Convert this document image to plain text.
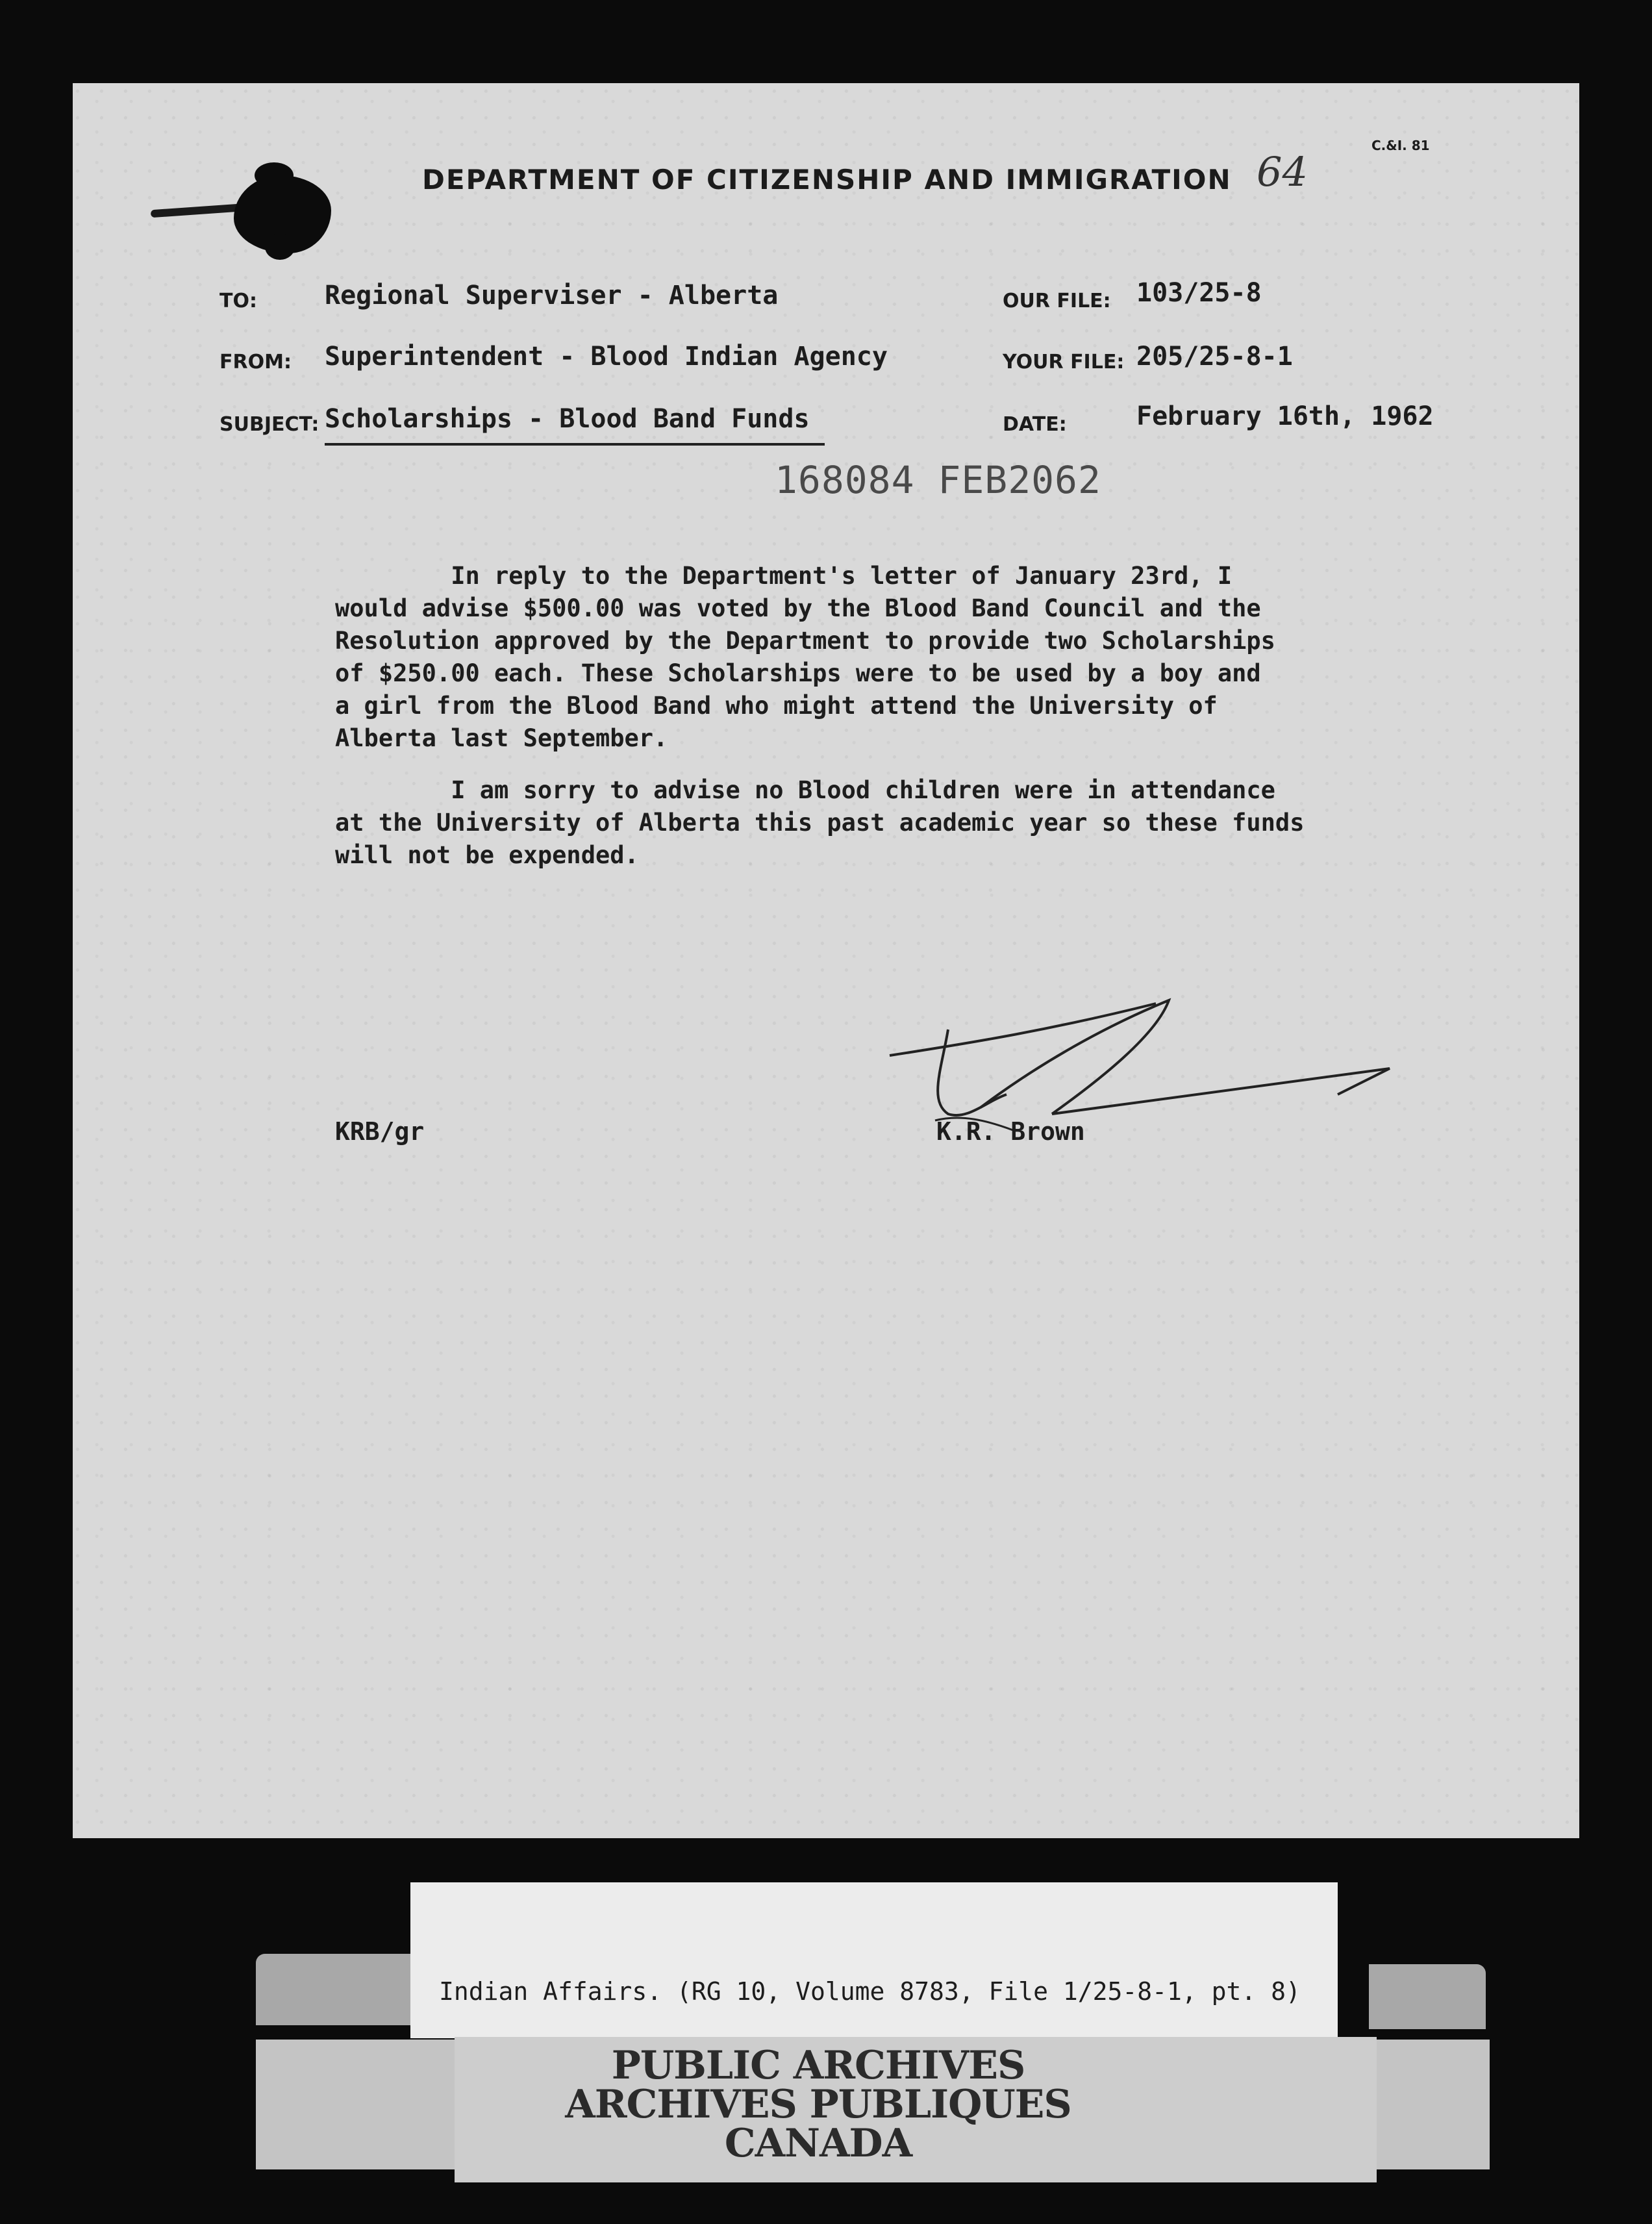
DEPARTMENT OF CITIZENSHIP AND IMMIGRATION 64
C.&I. 81
TO:	Regional Superviser - Alberta
FROM: Superintendent - Blood Indian Agency
SUBJECT: Scholarships - Blood Band Funds
OUR FILE: 103/25-8
YOUR FILE: 205/25-8-1
DATE:	February 16th, 1962
168084 FEB2062
In reply to the Department's letter of January 23rd, I
would advise $500.00 was voted by the Blood Band Council and the
Resolution approved by the Department to provide two Scholarships
of $250.00 each. These Scholarships were to be used by a boy and
a girl from the Blood Band who might attend the University of
Alberta last September.
I am sorry to advise no Blood children were in attendance
at the University of Alberta this past academic year so these funds
will not be expended.
KRB/gr	K.R. Brown
Indian Affairs. (RG 10, Volume 8783, File 1/25-8-1, pt. 8)
PUBLIC ARCHIVES
ARCHIVES PUBLIQUES
CANADA
